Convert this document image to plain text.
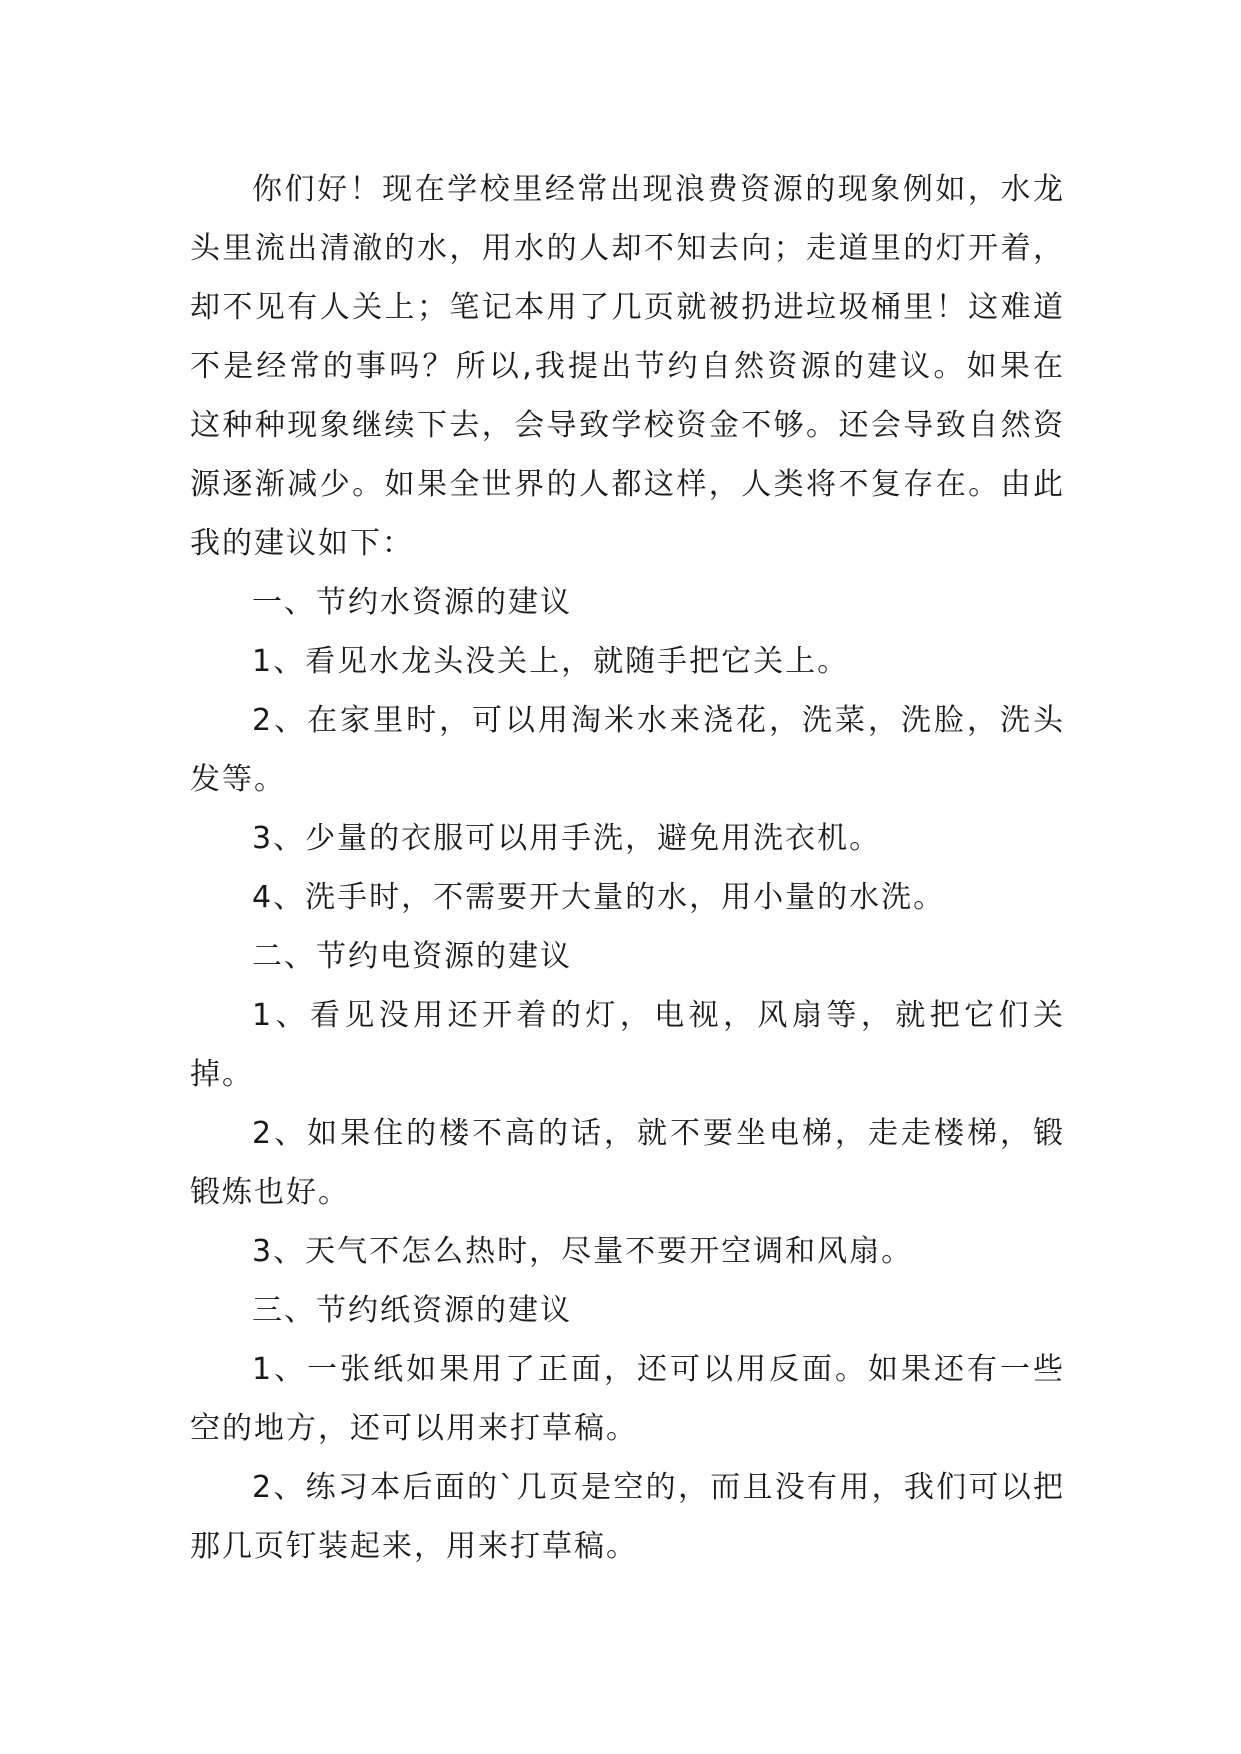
你们好！现在学校里经常出现浪费资源的现象例如，水龙头里流出清澈的水，用水的人却不知去向；走道里的灯开着，却不见有人关上；笔记本用了几页就被扔进垃圾桶里！这难道不是经常的事吗？所以,我提出节约自然资源的建议。如果在这种种现象继续下去，会导致学校资金不够。还会导致自然资源逐渐减少。如果全世界的人都这样，人类将不复存在。由此我的建议如下：

一、节约水资源的建议

1、看见水龙头没关上，就随手把它关上。

2、在家里时，可以用淘米水来浇花，洗菜，洗脸，洗头发等。

3、少量的衣服可以用手洗，避免用洗衣机。

4、洗手时，不需要开大量的水，用小量的水洗。

二、节约电资源的建议

1、看见没用还开着的灯，电视，风扇等，就把它们关掉。

2、如果住的楼不高的话，就不要坐电梯，走走楼梯，锻锻炼也好。

3、天气不怎么热时，尽量不要开空调和风扇。

三、节约纸资源的建议

1、一张纸如果用了正面，还可以用反面。如果还有一些空的地方，还可以用来打草稿。

2、练习本后面的`几页是空的，而且没有用，我们可以把那几页钉装起来，用来打草稿。
